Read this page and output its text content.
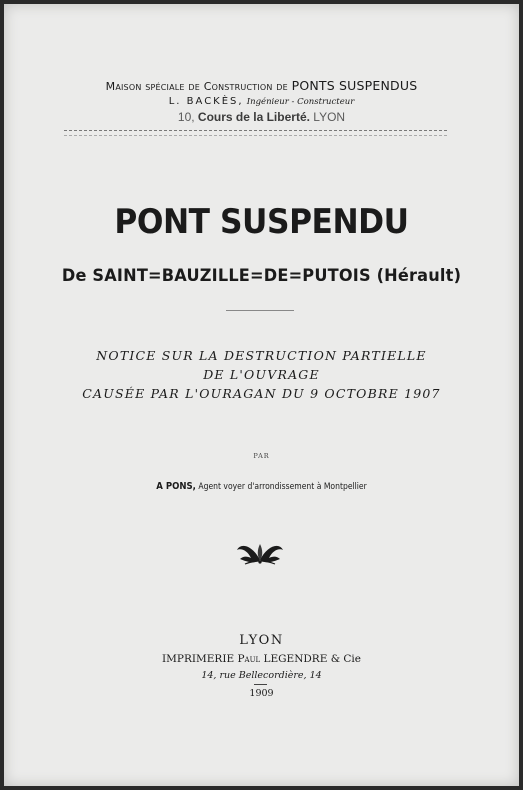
Maison spéciale de Construction de PONTS SUSPENDUS
L. BACKÈS, Ingénieur - Constructeur
10, Cours de la Liberté. LYON
PONT SUSPENDU
De SAINT=BAUZILLE=DE=PUTOIS (Hérault)
NOTICE SUR LA DESTRUCTION PARTIELLE
DE L'OUVRAGE
CAUSÉE PAR L'OURAGAN DU 9 OCTOBRE 1907
PAR
A PONS, Agent voyer d'arrondissement à Montpellier
LYON
IMPRIMERIE Paul LEGENDRE & Cie
14, rue Bellecordière, 14
1909
